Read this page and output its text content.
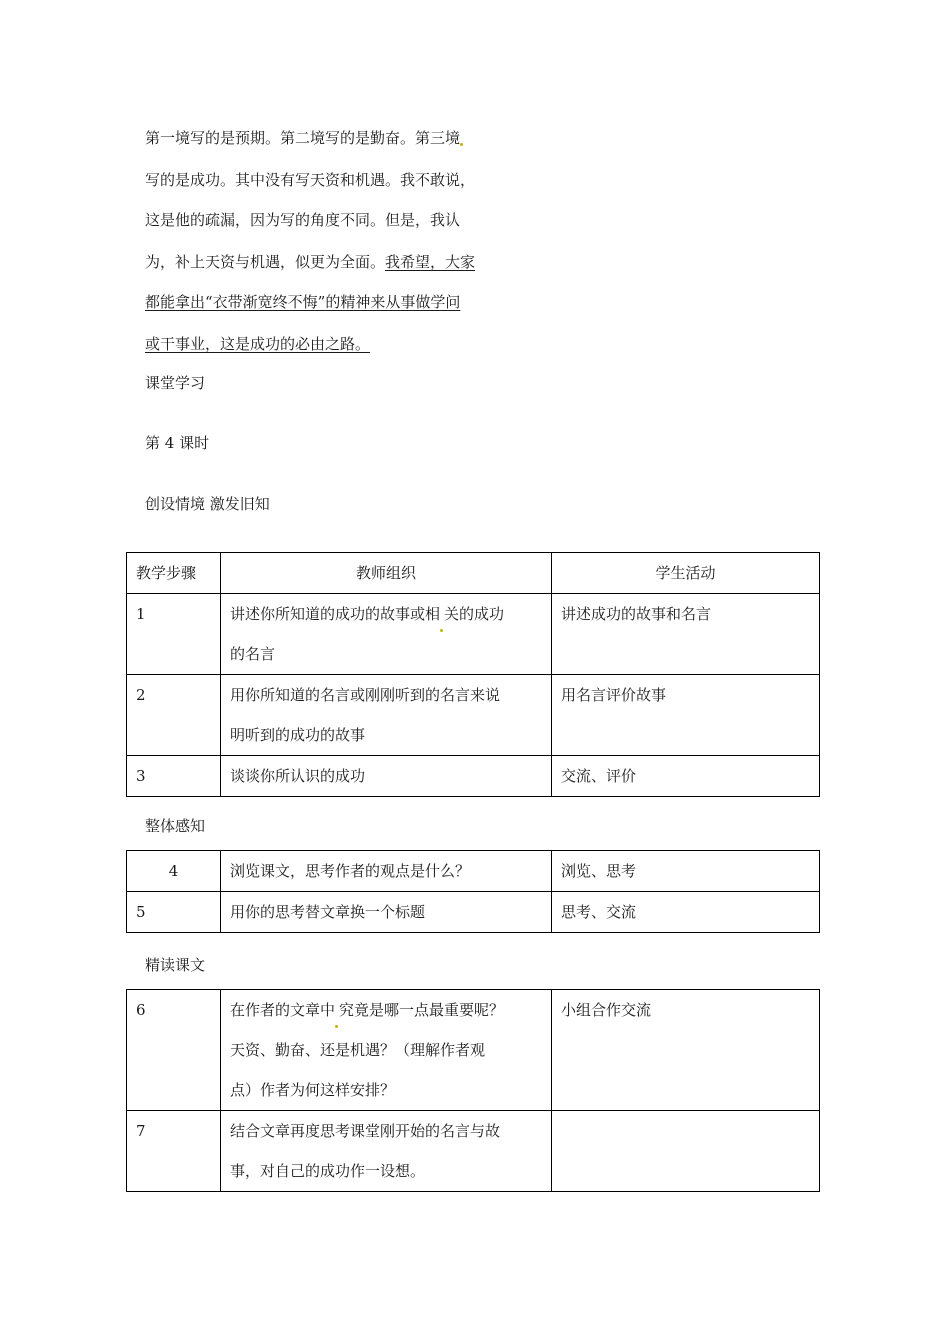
第一境写的是预期。第二境写的是勤奋。第三境
写的是成功。其中没有写天资和机遇。我不敢说，
这是他的疏漏，因为写的角度不同。但是，我认
为，补上天资与机遇，似更为全面。我希望，大家
都能拿出“衣带渐宽终不悔”的精神来从事做学问
或干事业，这是成功的必由之路。
课堂学习
第 4 课时
创设情境 激发旧知
教学步骤	教师组织	学生活动
1	讲述你所知道的成功的故事或相 关的成功
的名言	讲述成功的故事和名言
2	用你所知道的名言或刚刚听到的名言来说
明听到的成功的故事	用名言评价故事
3	谈谈你所认识的成功	交流、评价
整体感知
4	浏览课文，思考作者的观点是什么？	浏览、思考
5	用你的思考替文章换一个标题	思考、交流
精读课文
6	在作者的文章中 究竟是哪一点最重要呢？
天资、勤奋、还是机遇？（理解作者观
点）作者为何这样安排？	小组合作交流
7	结合文章再度思考课堂刚开始的名言与故
事，对自己的成功作一设想。	
